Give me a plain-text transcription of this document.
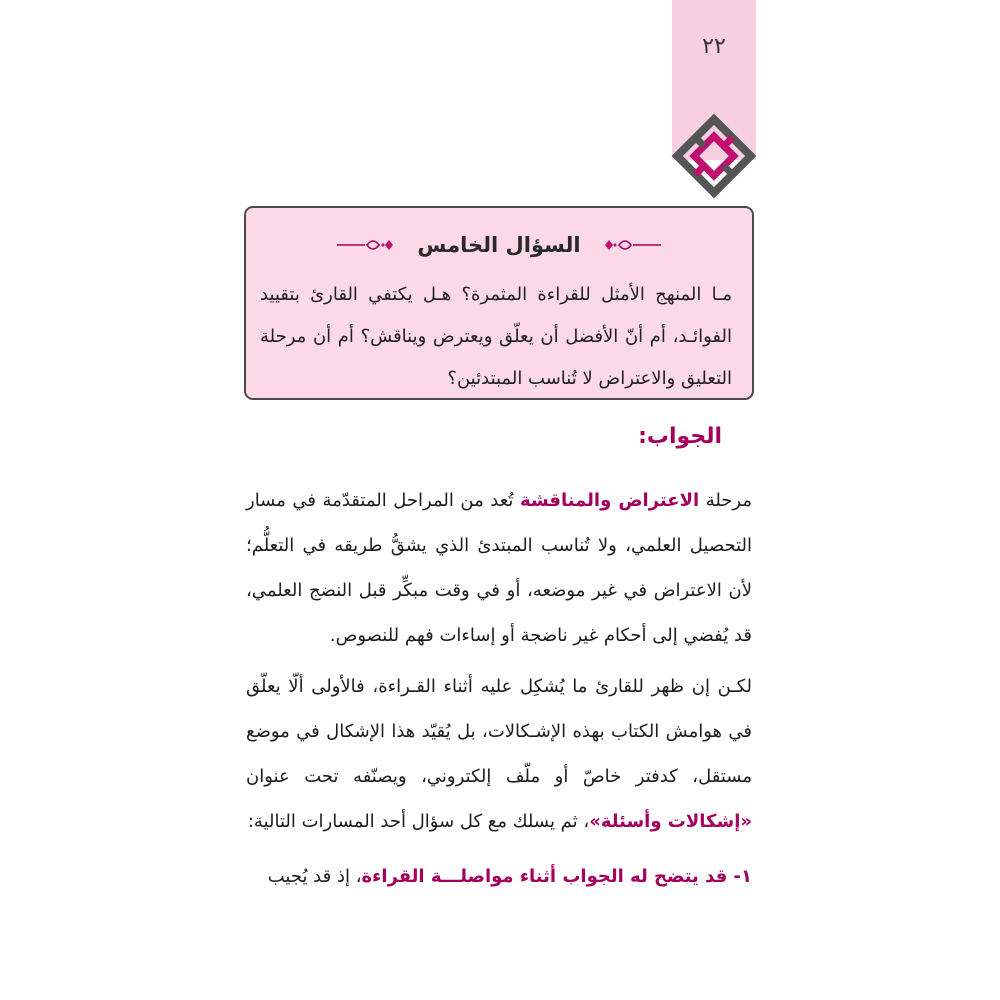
٢٢
السؤال الخامس
مـا المنهج الأمثل للقراءة المثمرة؟ هـل يكتفي القارئ بتقييد الفوائـد، أم أنّ الأفضل أن يعلّق ويعترض ويناقش؟ أم أن مرحلة التعليق والاعتراض لا تُناسب المبتدئين؟
الجواب:
مرحلة الاعتراض والمناقشة تُعد من المراحل المتقدّمة في مسار التحصيل العلمي، ولا تُناسب المبتدئ الذي يشقُّ طريقه في التعلُّم؛ لأن الاعتراض في غير موضعه، أو في وقت مبكِّر قبل النضج العلمي، قد يُفضي إلى أحكام غير ناضجة أو إساءات فهم للنصوص.
لكـن إن ظهر للقارئ ما يُشكِل عليه أثناء القـراءة، فالأولى ألّا يعلّق في هوامش الكتاب بهذه الإشـكالات، بل يُقيّد هذا الإشكال في موضع مستقل، كدفتر خاصّ أو ملّف إلكتروني، ويصنّفه تحت عنوان «إشكالات وأسئلة»، ثم يسلك مع كل سؤال أحد المسارات التالية:
١- قد يتضح له الجواب أثناء مواصلـــة القراءة، إذ قد يُجيب
